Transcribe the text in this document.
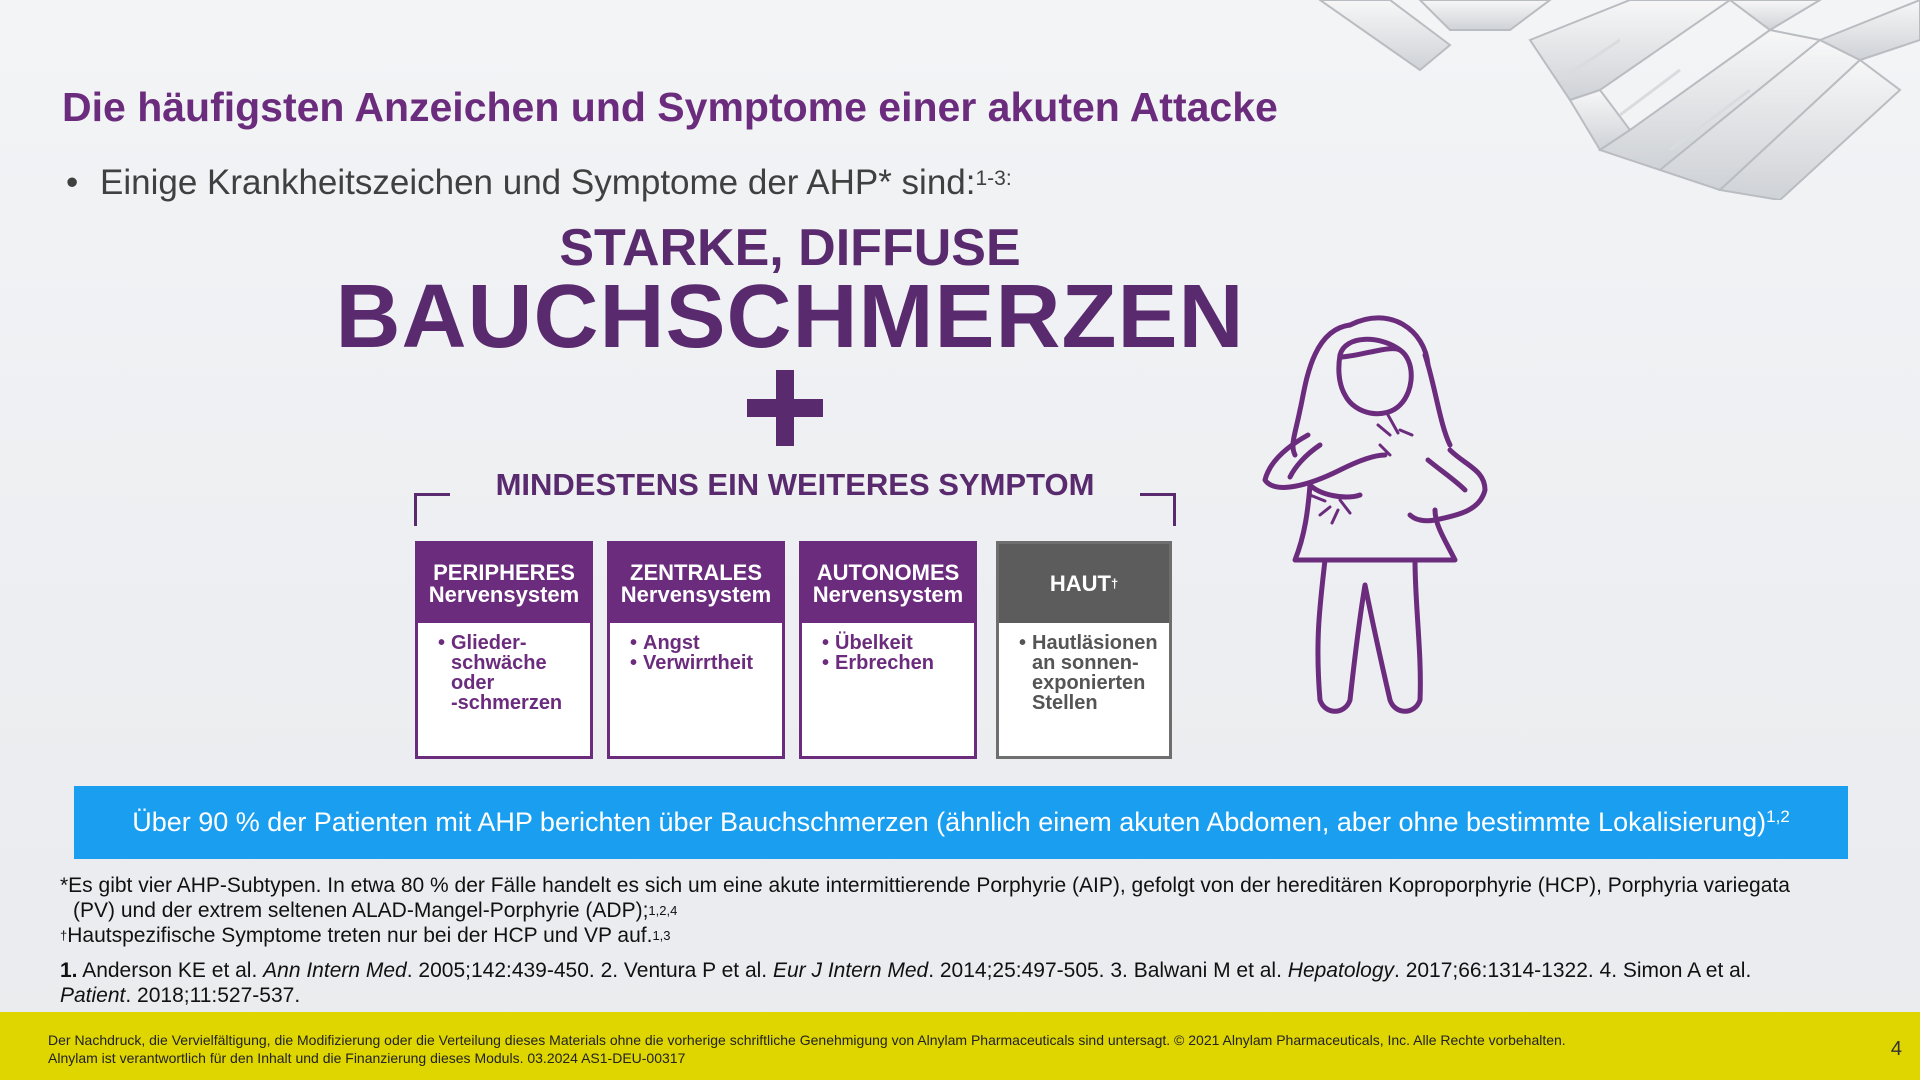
Die häufigsten Anzeichen und Symptome einer akuten Attacke
• Einige Krankheitszeichen und Symptome der AHP* sind:$^{1-3:}$
STARKE, DIFFUSE
BAUCHSCHMERZEN
MINDESTENS EIN WEITERES SYMPTOM
PERIPHERES
Nervensystem
• Glieder-
schwäche
oder
-schmerzen
ZENTRALES
Nervensystem
• Angst
• Verwirrtheit
AUTONOMES
Nervensystem
• Übelkeit
• Erbrechen
HAUT†
• Hautläsionen
an sonnen-
exponierten
Stellen
Über 90 % der Patienten mit AHP berichten über Bauchschmerzen (ähnlich einem akuten Abdomen, aber ohne bestimmte Lokalisierung)$^{1,2}$
*Es gibt vier AHP-Subtypen. In etwa 80 % der Fälle handelt es sich um eine akute intermittierende Porphyrie (AIP), gefolgt von der hereditären Koproporphyrie (HCP), Porphyria variegata
(PV) und der extrem seltenen ALAD-Mangel-Porphyrie (ADP);$^{1,2,4}$
†Hautspezifische Symptome treten nur bei der HCP und VP auf.$^{1,3}$
1. Anderson KE et al. Ann Intern Med. 2005;142:439-450. 2. Ventura P et al. Eur J Intern Med. 2014;25:497-505. 3. Balwani M et al. Hepatology. 2017;66:1314-1322. 4. Simon A et al.
Patient. 2018;11:527-537.
Der Nachdruck, die Vervielfältigung, die Modifizierung oder die Verteilung dieses Materials ohne die vorherige schriftliche Genehmigung von Alnylam Pharmaceuticals sind untersagt. © 2021 Alnylam Pharmaceuticals, Inc. Alle Rechte vorbehalten.
Alnylam ist verantwortlich für den Inhalt und die Finanzierung dieses Moduls. 03.2024 AS1-DEU-00317	4
